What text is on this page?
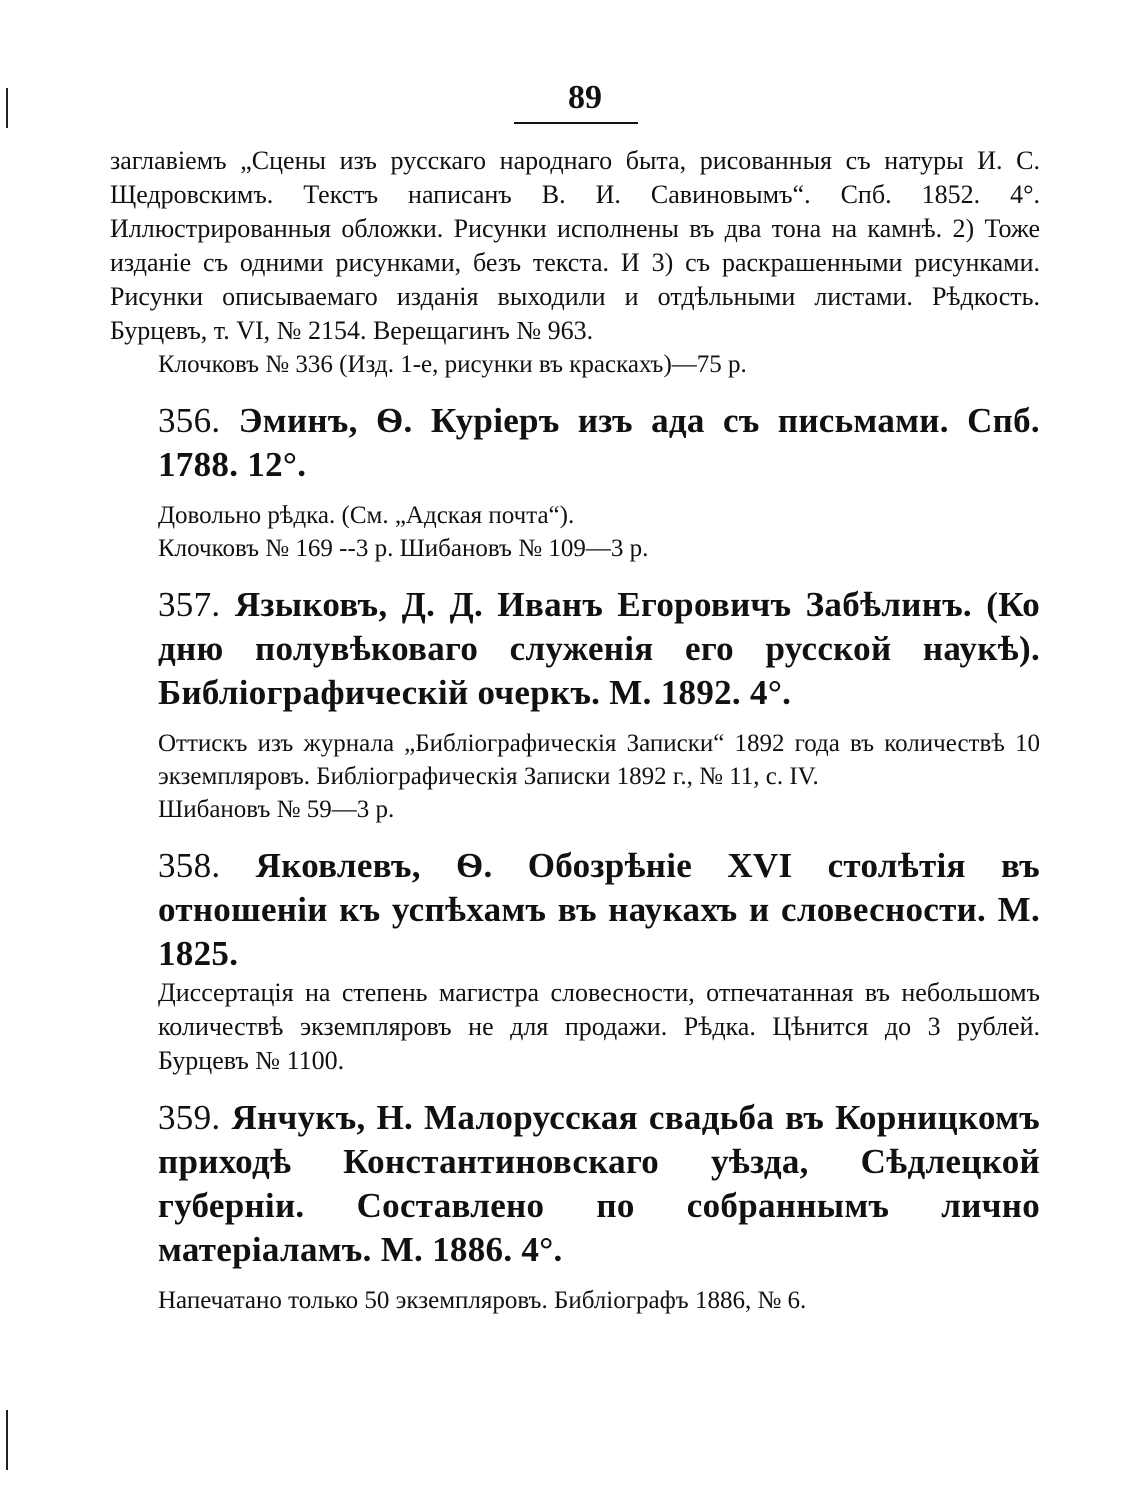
89

заглавіемъ „Сцены изъ русскаго народнаго быта, рисованныя съ натуры И. С. Щедровскимъ. Текстъ написанъ В. И. Савиновымъ“. Спб. 1852. 4°. Иллюстрированныя обложки. Рисунки исполнены въ два тона на камнѣ. 2) Тоже изданіе съ одними рисунками, безъ текста. И 3) съ раскрашенными рисунками. Рисунки описываемаго изданія выходили и отдѣльными листами. Рѣдкость. Бурцевъ, т. VI, № 2154. Верещагинъ № 963.

Клочковъ № 336 (Изд. 1-е, рисунки въ краскахъ)—75 р.

356. Эминъ, Ѳ. Куріеръ изъ ада съ письмами. Спб. 1788. 12°.

Довольно рѣдка. (См. „Адская почта“).

Клочковъ № 169 --3 р. Шибановъ № 109—3 р.

357. Языковъ, Д. Д. Иванъ Егоровичъ Забѣлинъ. (Ко дню полувѣковаго служенія его русской наукѣ). Библіографическій очеркъ. М. 1892. 4°.

Оттискъ изъ журнала „Библіографическія Записки“ 1892 года въ количествѣ 10 экземпляровъ. Библіографическія Записки 1892 г., № 11, с. IV.

Шибановъ № 59—3 р.

358. Яковлевъ, Ѳ. Обозрѣніе XVI столѣтія въ отношеніи къ успѣхамъ въ наукахъ и словесности. М. 1825.

Диссертація на степень магистра словесности, отпечатанная въ небольшомъ количествѣ экземпляровъ не для продажи. Рѣдка. Цѣнится до 3 рублей. Бурцевъ № 1100.

359. Янчукъ, Н. Малорусская свадьба въ Корницкомъ приходѣ Константиновскаго уѣзда, Сѣдлецкой губерніи. Составлено по собраннымъ лично матеріаламъ. М. 1886. 4°.

Напечатано только 50 экземпляровъ. Библіографъ 1886, № 6.
